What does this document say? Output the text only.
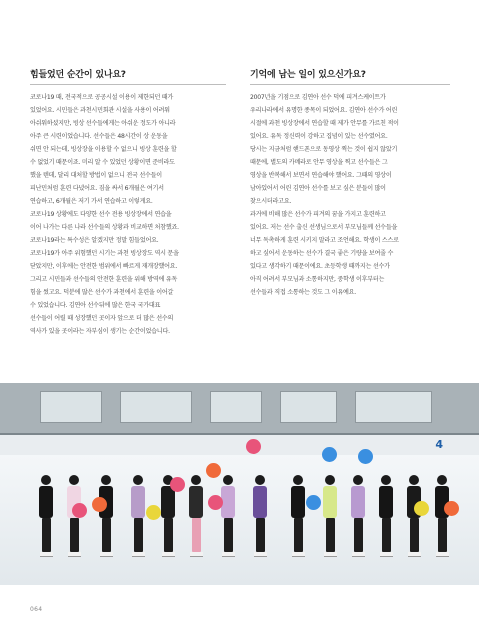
힘들었던 순간이 있나요?

코로나19 때, 전국적으로 공공시설 이용이 제한되던 때가
있었어요. 시민들은 과천시민회관 시설을 사용이 어려워
아쉬워하셨지만, 빙상 선수들에게는 아쉬운 정도가 아니라
아주 큰 시련이었습니다. 선수들은 48시간이 상 운동을
쉬면 안 되는데, 빙상장을 이용할 수 없으니 빙상 훈련을 할
수 없었기 때문이죠. 미리 알 수 있었던 상황이면 준비라도
했을 텐데, 달리 대처할 방법이 없으니 전국 선수들이
피난민처럼 훈련 다녔어요. 짐을 싸서 6개월은 여기서
연습하고, 6개월은 저기 가서 연습하고 이렇게요.
코로나19 상황에도 다양한 선수 전용 빙상장에서 연습을
이어 나가는 다른 나라 선수들의 상황과 비교하면 처참했죠.
코로나19라는 특수성은 알겠지만 정말 힘들었어요.
코로나19가 아주 위험했던 시기는 과천 빙상장도 역시 문을
닫았지만, 이후에는 안전한 범위에서 빠르게 재개장했어요.
그리고 시민들과 선수들의 안전한 훈련을 위해 방역에 유독
힘을 썼고요. 덕분에 많은 선수가 과천에서 훈련을 이어갈
수 있었습니다. 김연아 선수뒤에 많은 한국 국가대표
선수들이 어릴 때 성장했던 곳이자 앞으로 더 많은 선수의
역사가 있을 곳이라는 자부심이 생기는 순간이었습니다.

기억에 남는 일이 있으신가요?

2007년을 기점으로 김연아 선수 덕에 피겨스케이트가
우리나라에서 유명한 종목이 되었어요. 김연아 선수가 어린
시절에 과천 빙상장에서 연습할 때 제가 안무를 가르친 적이
있어요. 유독 정신력이 강하고 집념이 있는 선수였어요.
당시는 지금처럼 핸드폰으로 동영상 찍는 것이 쉽지 않았기
때문에, 별도의 카메라로 안무 영상을 찍고 선수들은 그
영상을 반복해서 보면서 연습해야 했어요. 그때의 영상이
남아있어서 어린 김연아 선수를 보고 싶은 분들이 많이
찾으시더라고요.

과거에 비해 많은 선수가 피겨의 꿈을 가지고 훈련하고
있어요. 저는 선수 출신 선생님으로서 부모님들께 선수들을
너무 독촉하게 훈련 시키지 말라고 조언해요. 학생이 스스로
하고 싶어서 운동하는 선수가 결국 좋은 기량을 보여줄 수
있다고 생각하기 때문이에요. 초등학생 때까지는 선수가
아직 어려서 부모님과 소통하지만, 중학생 이후부터는
선수들과 직접 소통하는 것도 그 이유예요.

4
064
